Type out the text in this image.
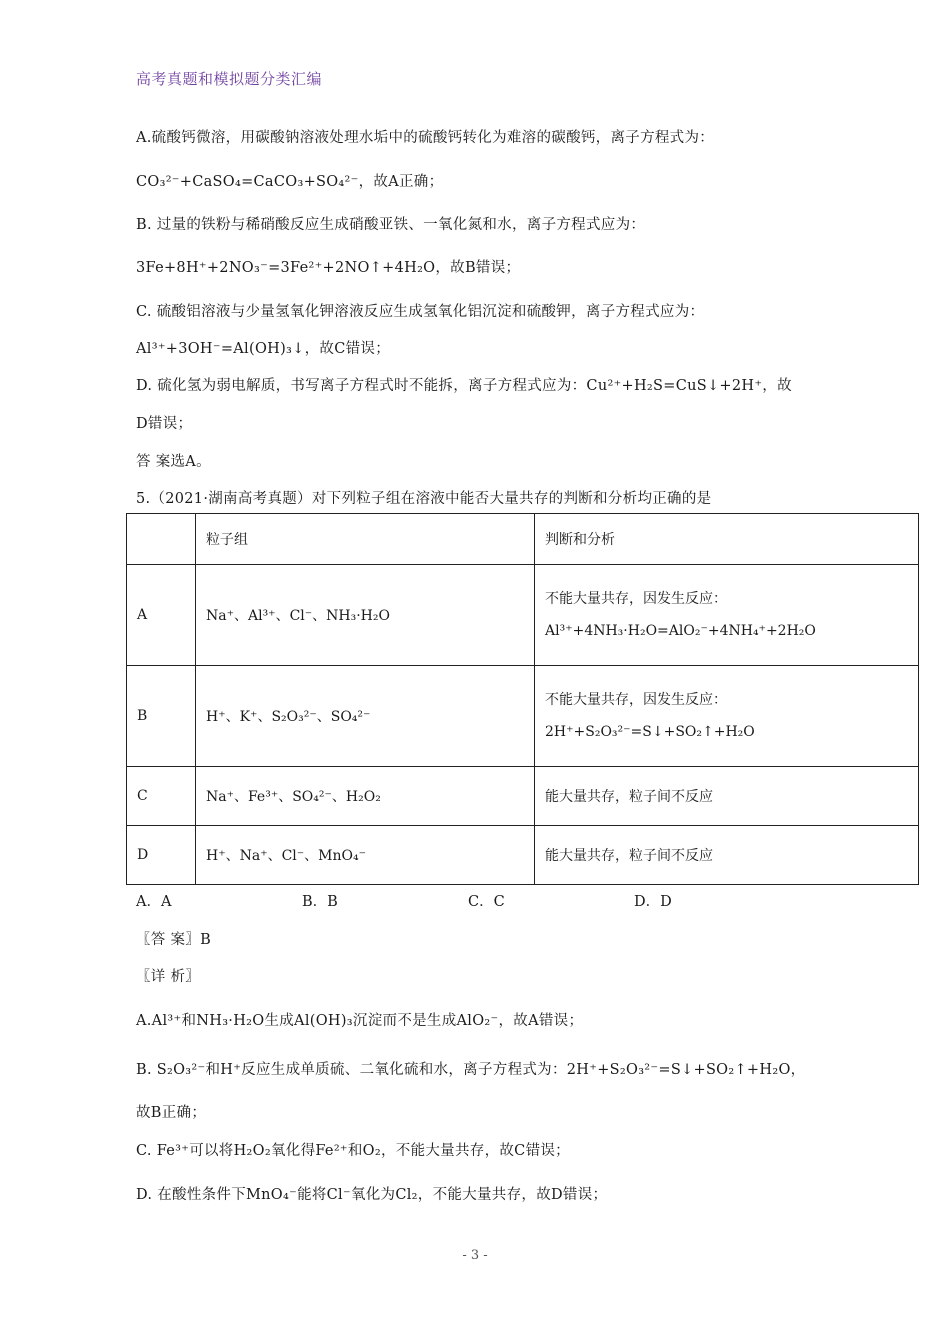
高考真题和模拟题分类汇编
A.硫酸钙微溶，用碳酸钠溶液处理水垢中的硫酸钙转化为难溶的碳酸钙，离子方程式为：
CO₃²⁻+CaSO₄=CaCO₃+SO₄²⁻，故A正确；
B. 过量的铁粉与稀硝酸反应生成硝酸亚铁、一氧化氮和水，离子方程式应为：
3Fe+8H⁺+2NO₃⁻=3Fe²⁺+2NO↑+4H₂O，故B错误；
C. 硫酸铝溶液与少量氢氧化钾溶液反应生成氢氧化铝沉淀和硫酸钾，离子方程式应为：
Al³⁺+3OH⁻=Al(OH)₃↓，故C错误；
D. 硫化氢为弱电解质，书写离子方程式时不能拆，离子方程式应为：Cu²⁺+H₂S=CuS↓+2H⁺，故
D错误；
答 案选A。
5.（2021·湖南高考真题）对下列粒子组在溶液中能否大量共存的判断和分析均正确的是
	粒子组	判断和分析
A	Na⁺、Al³⁺、Cl⁻、NH₃·H₂O	不能大量共存，因发生反应：
Al³⁺+4NH₃·H₂O=AlO₂⁻+4NH₄⁺+2H₂O

B	H⁺、K⁺、S₂O₃²⁻、SO₄²⁻	不能大量共存，因发生反应：
2H⁺+S₂O₃²⁻=S↓+SO₂↑+H₂O

C	Na⁺、Fe³⁺、SO₄²⁻、H₂O₂	能大量共存，粒子间不反应
D	H⁺、Na⁺、Cl⁻、MnO₄⁻	能大量共存，粒子间不反应
A．A	B．B	C．C	D．D
〖答 案〗B
〖详 析〗
A.Al³⁺和NH₃·H₂O生成Al(OH)₃沉淀而不是生成AlO₂⁻，故A错误；
B. S₂O₃²⁻和H⁺反应生成单质硫、二氧化硫和水，离子方程式为：2H⁺+S₂O₃²⁻=S↓+SO₂↑+H₂O，
故B正确；
C. Fe³⁺可以将H₂O₂氧化得Fe²⁺和O₂，不能大量共存，故C错误；
D. 在酸性条件下MnO₄⁻能将Cl⁻氧化为Cl₂，不能大量共存，故D错误；
- 3 -
